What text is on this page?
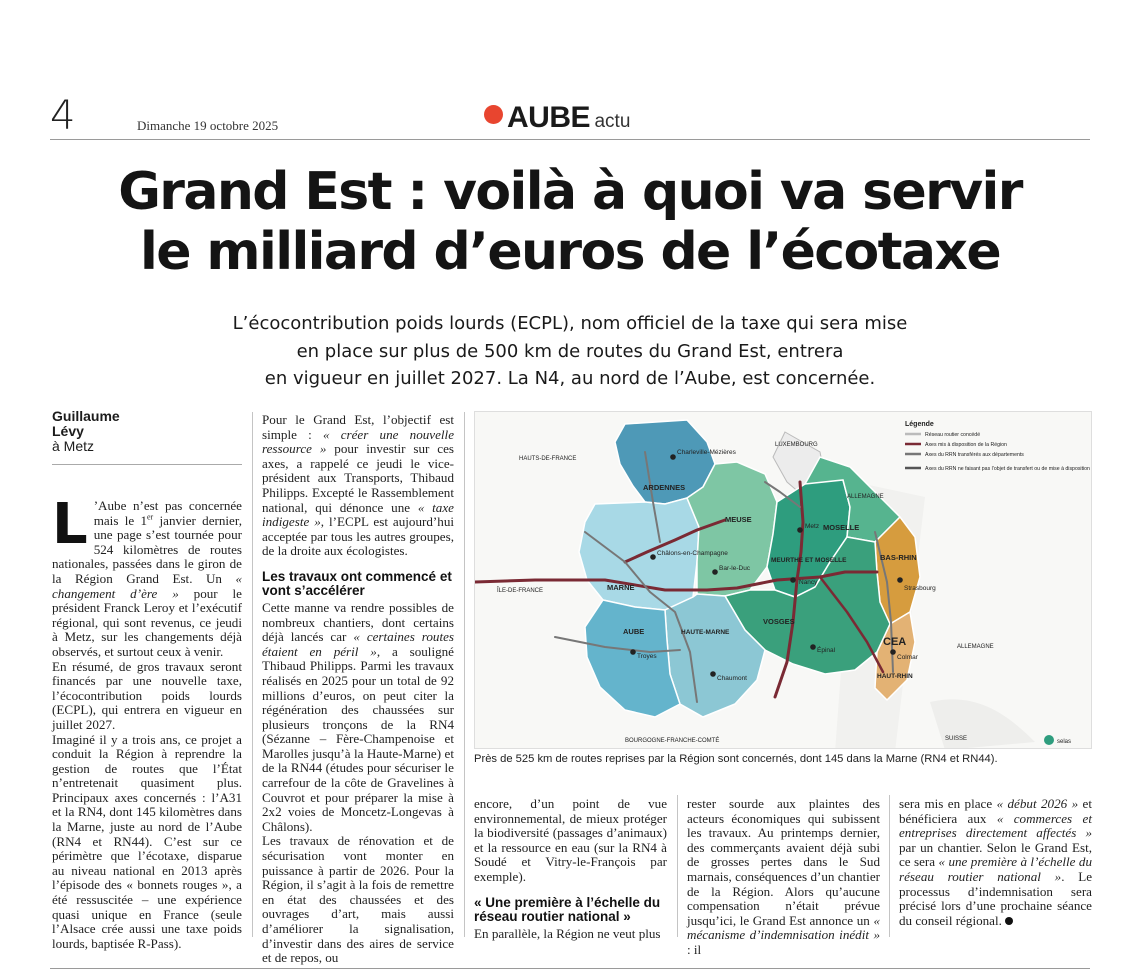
4	Dimanche 19 octobre 2025	AUBE actu
Grand Est : voilà à quoi va servir
le milliard d’euros de l’écotaxe
L’écocontribution poids lourds (ECPL), nom officiel de la taxe qui sera mise
en place sur plus de 500 km de routes du Grand Est, entrera
en vigueur en juillet 2027. La N4, au nord de l’Aube, est concernée.
Guillaume
Lévy
à Metz

L ’Aube n’est pas concernée mais le 1er janvier dernier, une page s’est tournée pour 524 kilomètres de routes nationales, passées dans le giron de la Région Grand Est. Un « changement d’ère » pour le président Franck Leroy et l’exécutif régional, qui sont revenus, ce jeudi à Metz, sur les changements déjà observés, et surtout ceux à venir.

En résumé, de gros travaux seront financés par une nouvelle taxe, l’écocontribution poids lourds (ECPL), qui entrera en vigueur en juillet 2027.

Imaginé il y a trois ans, ce projet a conduit la Région à reprendre la gestion de routes que l’État n’entretenait quasiment plus. Principaux axes concernés : l’A31 et la RN4, dont 145 kilomètres dans la Marne, juste au nord de l’Aube (RN4 et RN44). C’est sur ce périmètre que l’écotaxe, disparue au niveau national en 2013 après l’épisode des « bonnets rouges », a été ressuscitée – une expérience quasi unique en France (seule l’Alsace crée aussi une taxe poids lourds, baptisée R-Pass).

Pour le Grand Est, l’objectif est simple : « créer une nouvelle ressource » pour investir sur ces axes, a rappelé ce jeudi le vice-président aux Transports, Thibaud Philipps. Excepté le Rassemblement national, qui dénonce une « taxe indigeste », l’ECPL est aujourd’hui acceptée par tous les autres groupes, de la droite aux écologistes.

Les travaux ont commencé et vont s’accélérer

Cette manne va rendre possibles de nombreux chantiers, dont certains déjà lancés car « certaines routes étaient en péril », a souligné Thibaud Philipps. Parmi les travaux réalisés en 2025 pour un total de 92 millions d’euros, on peut citer la régénération des chaussées sur plusieurs tronçons de la RN4 (Sézanne – Fère-Champenoise et Marolles jusqu’à la Haute-Marne) et de la RN44 (études pour sécuriser le carrefour de la côte de Gravelines à Couvrot et pour préparer la mise à 2x2 voies de Moncetz-Longevas à Châlons).

Les travaux de rénovation et de sécurisation vont monter en puissance à partir de 2026. Pour la Région, il s’agit à la fois de remettre en état des chaussées et des ouvrages d’art, mais aussi d’améliorer la signalisation, d’investir dans des aires de service et de repos, ou

encore, d’un point de vue environnemental, de mieux protéger la biodiversité (passages d’animaux) et la ressource en eau (sur la RN4 à Soudé et Vitry-le-François par exemple).

« Une première à l’échelle du réseau routier national »

En parallèle, la Région ne veut plus

rester sourde aux plaintes des acteurs économiques qui subissent les travaux. Au printemps dernier, des commerçants avaient déjà subi de grosses pertes dans le Sud marnais, conséquences d’un chantier de la Région. Alors qu’aucune compensation n’était prévue jusqu’ici, le Grand Est annonce un « mécanisme d’indemnisation inédit » : il

sera mis en place « début 2026 » et bénéficiera aux « commerces et entreprises directement affectés » par un chantier. Selon le Grand Est, ce sera « une première à l’échelle du réseau routier national ». Le processus d’indemnisation sera précisé lors d’une prochaine séance du conseil régional.

Metz
Nancy
Strasbourg
Colmar
Châlons-en-Champagne
Épinal
Chaumont
Troyes
Bar-le-Duc
Charleville-Mézières
ARDENNES
MARNE
MEUSE
MOSELLE
MEURTHE ET MOSELLE	BAS-RHIN
CEA
HAUT-RHIN
AUBE	HAUTE-MARNE
VOSGES
HAUTS-DE-FRANCE
ÎLE-DE-FRANCE
BOURGOGNE-FRANCHE-COMTÉ
LUXEMBOURG
ALLEMAGNE
ALLEMAGNE
SUISSE
Légende
Réseau routier concédé
Axes mis à disposition de la Région
Axes du RRN transférés aux départements
Axes du RRN ne faisant pas l’objet de transfert ou de mise à disposition
selas
Près de 525 km de routes reprises par la Région sont concernés, dont 145 dans la Marne (RN4 et RN44).
